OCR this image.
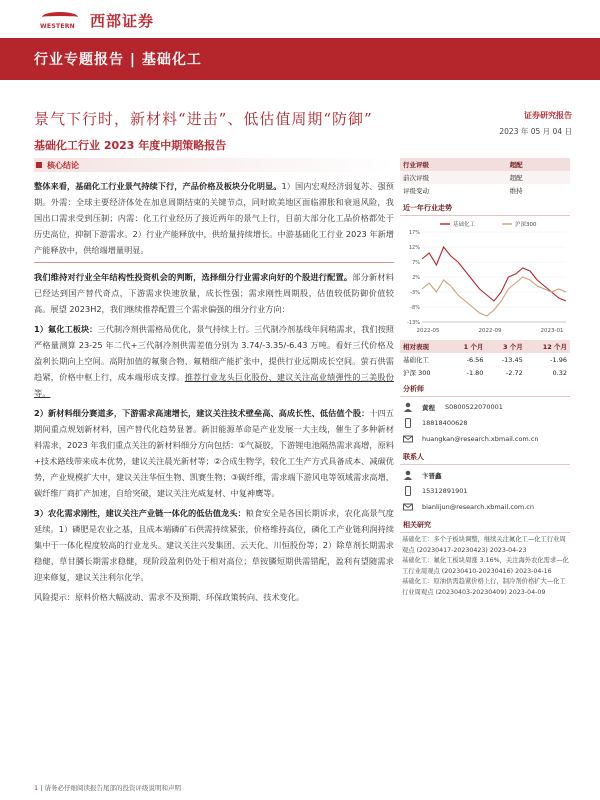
WESTERN 西部证券
行业专题报告 | 基础化工
景气下行时，新材料“进击”、低估值周期“防御”
基础化工行业 2023 年度中期策略报告
证券研究报告
2023 年 05 月 04 日
核心结论

整体来看，基础化工行业景气持续下行，产品价格及板块分化明显。1）国内宏观经济弱复苏、强预期。外需：全球主要经济体处在加息周期结束的关键节点，同时欧美地区面临滞胀和衰退风险，我国出口需求受到压制；内需：化工行业经历了接近两年的景气上行，目前大部分化工品价格都处于历史高位，抑制下游需求。2）行业产能释放中，供给量持续增长。中游基础化工行业 2023 年新增产能释放中，供给端增量明显。

我们维持对行业全年结构性投资机会的判断，选择细分行业需求向好的个股进行配置。部分新材料已经达到国产替代奇点，下游需求快速放量，成长性强；需求刚性周期股，估值较低防御价值较高。展望 2023H2，我们继续推荐配置三个需求偏强的细分行业方向：

1）氟化工板块：三代制冷剂供需格局优化，景气持续上行。三代制冷剂基线年间稍需求，我们按照严格量测算 23-25 年二代+三代制冷剂供需差值分别为 3.74/-3.35/-6.43 万吨。看好三代价格及盈利长期向上空间。高附加值的氟聚合物、氟精细产能扩张中，提供行业远期成长空间。萤石供需趋紧，价格中枢上行，成本端形成支撑。推荐行业龙头巨化股份、建议关注高业绩弹性的三美股份等。

2）新材料细分赛道多，下游需求高速增长，建议关注技术壁垒高、高成长性、低估值个股：十四五期间重点规划新材料，国产替代化趋势显著。新旧能源革命是产业发展一大主线，催生了多种新材料需求，2023 年我们重点关注的新材料细分方向包括：①气凝胶，下游锂电池隔热需求高增，原料+技术路线带来成本优势，建议关注晨光新材等；②合成生物学，较化工生产方式具备成本、减碳优势，产业规模扩大中，建议关注华恒生物、凯赛生物；③碳纤维，需求端下游风电等领域需求高增，碳纤维厂商扩产加速，自给突破，建议关注光威复材、中复神鹰等。

3）农化需求刚性，建议关注产业链一体化的低估值龙头：粮食安全是各国长期诉求，农化高景气度延续。1）磷肥是农业之基，且成本端磷矿石供需持续紧张，价格维持高位，磷化工产业链利润持续集中于一体化程度较高的行业龙头。建议关注兴发集团、云天化、川恒股份等；2）除草剂长期需求稳健，草甘膦长期需求稳健，现阶段盈利仍处于相对高位；草铵膦短期供需错配，盈利有望随需求迎来修复，建议关注利尔化学。

风险提示：原料价格大幅波动、需求不及预期、环保政策转向、技术变化。

行业评级	超配
前次评级	超配
评级变动	维持
近一年行业走势
基础化工	沪深300
17%
12%
7%
2%
-3%
-8%
-13%
2022-05	2022-09	2023-01
相对表现	1 个月	3 个月	12 个月
基础化工	-6.56	-13.45	-1.96
沪深 300	-1.80	-2.72	0.32
分析师
黄程 S0800522070001
18818400628
huangkan@research.xbmail.com.cn
联系人
卞晋鑫
15312891901
bianlijun@research.xbmail.com.cn
相关研究

基础化工：多个子板块调整，继续关注氟化工—化工行业周观点 (20230417-20230423) 2023-04-23

基础化工：氟化工板块周涨 3.16%，关注海外农化需求—化工行业周观点 (20230410-20230416) 2023-04-16

基础化工：原油供需趋紧价格上行，制冷剂价格扩大—化工行业周观点 (20230403-20230409) 2023-04-09

1 | 请务必仔细阅读报告尾部的投资评级说明和声明
